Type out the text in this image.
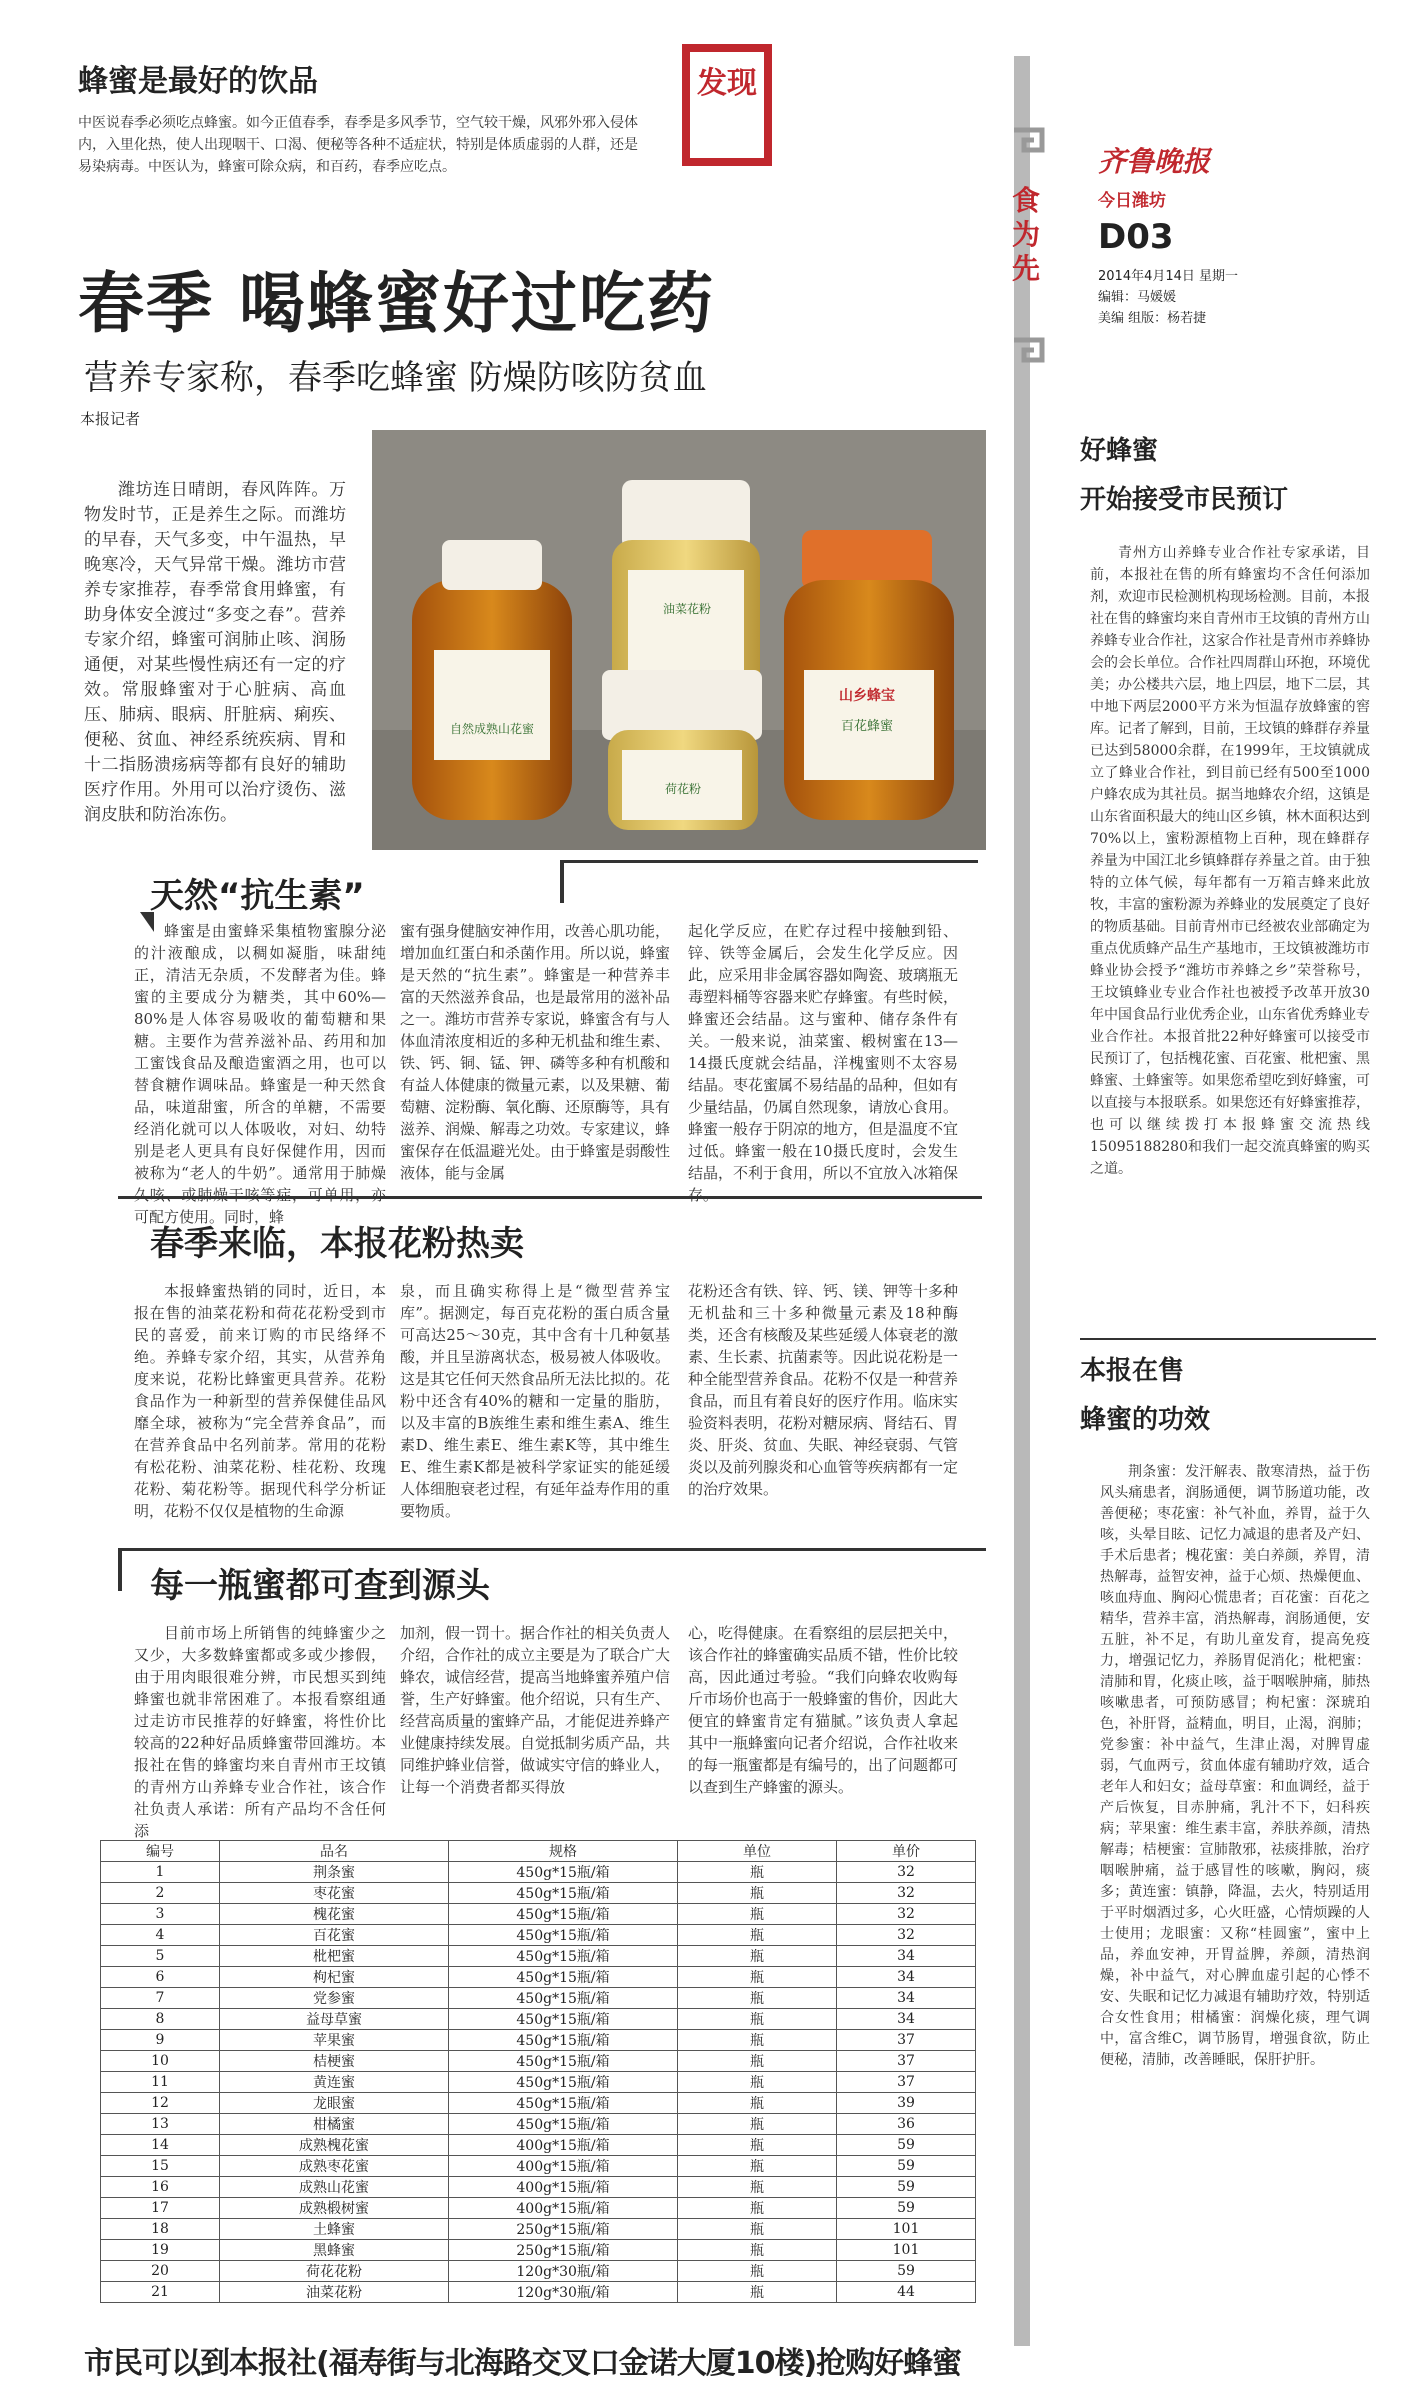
蜂蜜是最好的饮品
中医说春季必须吃点蜂蜜。如今正值春季，春季是多风季节，空气较干燥，风邪外邪入侵体内，入里化热，使人出现咽干、口渴、便秘等各种不适症状，特别是体质虚弱的人群，还是易染病毒。中医认为，蜂蜜可除众病，和百药，春季应吃点。
发现
食为先
齐鲁晚报
今日潍坊
D03
2014年4月14日 星期一
编辑：马媛媛
美编 组版：杨若捷
春季 喝蜂蜜好过吃药
营养专家称，春季吃蜂蜜 防燥防咳防贫血
本报记者
潍坊连日晴朗，春风阵阵。万物发时节，正是养生之际。而潍坊的早春，天气多变，中午温热，早晚寒冷，天气异常干燥。潍坊市营养专家推荐，春季常食用蜂蜜，有助身体安全渡过“多变之春”。营养专家介绍，蜂蜜可润肺止咳、润肠通便，对某些慢性病还有一定的疗效。常服蜂蜜对于心脏病、高血压、肺病、眼病、肝脏病、痢疾、便秘、贫血、神经系统疾病、胃和十二指肠溃疡病等都有良好的辅助医疗作用。外用可以治疗烫伤、滋润皮肤和防治冻伤。
自然成熟山花蜜
油菜花粉
荷花粉
山乡蜂宝
百花蜂蜜
天然“抗生素”
蜂蜜是由蜜蜂采集植物蜜腺分泌的汁液酿成，以稠如凝脂，味甜纯正，清洁无杂质，不发酵者为佳。蜂蜜的主要成分为糖类，其中60%—80%是人体容易吸收的葡萄糖和果糖。主要作为营养滋补品、药用和加工蜜饯食品及酿造蜜酒之用，也可以替食糖作调味品。蜂蜜是一种天然食品，味道甜蜜，所含的单糖，不需要经消化就可以人体吸收，对妇、幼特别是老人更具有良好保健作用，因而被称为“老人的牛奶”。通常用于肺燥久咳、或肺燥干咳等症，可单用，亦可配方使用。同时，蜂
蜜有强身健脑安神作用，改善心肌功能，增加血红蛋白和杀菌作用。所以说，蜂蜜是天然的“抗生素”。蜂蜜是一种营养丰富的天然滋养食品，也是最常用的滋补品之一。潍坊市营养专家说，蜂蜜含有与人体血清浓度相近的多种无机盐和维生素、铁、钙、铜、锰、钾、磷等多种有机酸和有益人体健康的微量元素，以及果糖、葡萄糖、淀粉酶、氧化酶、还原酶等，具有滋养、润燥、解毒之功效。专家建议，蜂蜜保存在低温避光处。由于蜂蜜是弱酸性液体，能与金属
起化学反应，在贮存过程中接触到铅、锌、铁等金属后，会发生化学反应。因此，应采用非金属容器如陶瓷、玻璃瓶无毒塑料桶等容器来贮存蜂蜜。有些时候，蜂蜜还会结晶。这与蜜种、储存条件有关。一般来说，油菜蜜、椴树蜜在13—14摄氏度就会结晶，洋槐蜜则不太容易结晶。枣花蜜属不易结晶的品种，但如有少量结晶，仍属自然现象，请放心食用。蜂蜜一般存于阴凉的地方，但是温度不宜过低。蜂蜜一般在10摄氏度时，会发生结晶，不利于食用，所以不宜放入冰箱保存。
春季来临，本报花粉热卖
本报蜂蜜热销的同时，近日，本报在售的油菜花粉和荷花花粉受到市民的喜爱，前来订购的市民络绎不绝。养蜂专家介绍，其实，从营养角度来说，花粉比蜂蜜更具营养。花粉食品作为一种新型的营养保健佳品风靡全球，被称为“完全营养食品”，而在营养食品中名列前茅。常用的花粉有松花粉、油菜花粉、桂花粉、玫瑰花粉、菊花粉等。据现代科学分析证明，花粉不仅仅是植物的生命源
泉，而且确实称得上是“微型营养宝库”。据测定，每百克花粉的蛋白质含量可高达25～30克，其中含有十几种氨基酸，并且呈游离状态，极易被人体吸收。这是其它任何天然食品所无法比拟的。花粉中还含有40%的糖和一定量的脂肪，以及丰富的B族维生素和维生素A、维生素D、维生素E、维生素K等，其中维生E、维生素K都是被科学家证实的能延缓人体细胞衰老过程，有延年益寿作用的重要物质。
花粉还含有铁、锌、钙、镁、钾等十多种无机盐和三十多种微量元素及18种酶类，还含有核酸及某些延缓人体衰老的激素、生长素、抗菌素等。因此说花粉是一种全能型营养食品。花粉不仅是一种营养食品，而且有着良好的医疗作用。临床实验资料表明，花粉对糖尿病、肾结石、胃炎、肝炎、贫血、失眠、神经衰弱、气管炎以及前列腺炎和心血管等疾病都有一定的治疗效果。
每一瓶蜜都可查到源头
目前市场上所销售的纯蜂蜜少之又少，大多数蜂蜜都或多或少掺假，由于用肉眼很难分辨，市民想买到纯蜂蜜也就非常困难了。本报看察组通过走访市民推荐的好蜂蜜，将性价比较高的22种好品质蜂蜜带回潍坊。本报社在售的蜂蜜均来自青州市王坟镇的青州方山养蜂专业合作社，该合作社负责人承诺：所有产品均不含任何添
加剂，假一罚十。据合作社的相关负责人介绍，合作社的成立主要是为了联合广大蜂农，诚信经营，提高当地蜂蜜养殖户信誉，生产好蜂蜜。他介绍说，只有生产、经营高质量的蜜蜂产品，才能促进养蜂产业健康持续发展。自觉抵制劣质产品，共同维护蜂业信誉，做诚实守信的蜂业人，让每一个消费者都买得放
心，吃得健康。在看察组的层层把关中，该合作社的蜂蜜确实品质不错，性价比较高，因此通过考验。“我们向蜂农收购每斤市场价也高于一般蜂蜜的售价，因此大便宜的蜂蜜肯定有猫腻。”该负责人拿起其中一瓶蜂蜜向记者介绍说，合作社收来的每一瓶蜜都是有编号的，出了问题都可以查到生产蜂蜜的源头。
编号	品名	规格	单位	单价
1	荆条蜜	450g*15瓶/箱	瓶	32
2	枣花蜜	450g*15瓶/箱	瓶	32
3	槐花蜜	450g*15瓶/箱	瓶	32
4	百花蜜	450g*15瓶/箱	瓶	32
5	枇杷蜜	450g*15瓶/箱	瓶	34
6	枸杞蜜	450g*15瓶/箱	瓶	34
7	党参蜜	450g*15瓶/箱	瓶	34
8	益母草蜜	450g*15瓶/箱	瓶	34
9	苹果蜜	450g*15瓶/箱	瓶	37
10	桔梗蜜	450g*15瓶/箱	瓶	37
11	黄连蜜	450g*15瓶/箱	瓶	37
12	龙眼蜜	450g*15瓶/箱	瓶	39
13	柑橘蜜	450g*15瓶/箱	瓶	36
14	成熟槐花蜜	400g*15瓶/箱	瓶	59
15	成熟枣花蜜	400g*15瓶/箱	瓶	59
16	成熟山花蜜	400g*15瓶/箱	瓶	59
17	成熟椴树蜜	400g*15瓶/箱	瓶	59
18	土蜂蜜	250g*15瓶/箱	瓶	101
19	黑蜂蜜	250g*15瓶/箱	瓶	101
20	荷花花粉	120g*30瓶/箱	瓶	59
21	油菜花粉	120g*30瓶/箱	瓶	44
市民可以到本报社(福寿街与北海路交叉口金诺大厦10楼)抢购好蜂蜜
好蜂蜜
开始接受市民预订
青州方山养蜂专业合作社专家承诺，目前，本报社在售的所有蜂蜜均不含任何添加剂，欢迎市民检测机构现场检测。目前，本报社在售的蜂蜜均来自青州市王坟镇的青州方山养蜂专业合作社，这家合作社是青州市养蜂协会的会长单位。合作社四周群山环抱，环境优美；办公楼共六层，地上四层，地下二层，其中地下两层2000平方米为恒温存放蜂蜜的窖库。记者了解到，目前，王坟镇的蜂群存养量已达到58000余群，在1999年，王坟镇就成立了蜂业合作社，到目前已经有500至1000户蜂农成为其社员。据当地蜂农介绍，这镇是山东省面积最大的纯山区乡镇，林木面积达到70%以上，蜜粉源植物上百种，现在蜂群存养量为中国江北乡镇蜂群存养量之首。由于独特的立体气候，每年都有一万箱吉蜂来此放牧，丰富的蜜粉源为养蜂业的发展奠定了良好的物质基础。目前青州市已经被农业部确定为重点优质蜂产品生产基地市，王坟镇被潍坊市蜂业协会授予“潍坊市养蜂之乡”荣誉称号，王坟镇蜂业专业合作社也被授予改革开放30年中国食品行业优秀企业，山东省优秀蜂业专业合作社。本报首批22种好蜂蜜可以接受市民预订了，包括槐花蜜、百花蜜、枇杷蜜、黑蜂蜜、土蜂蜜等。如果您希望吃到好蜂蜜，可以直接与本报联系。如果您还有好蜂蜜推荐，也可以继续拨打本报蜂蜜交流热线15095188280和我们一起交流真蜂蜜的购买之道。
本报在售
蜂蜜的功效
荆条蜜：发汗解表、散寒清热，益于伤风头痛患者，润肠通便，调节肠道功能，改善便秘；枣花蜜：补气补血，养胃，益于久咳，头晕目眩、记忆力减退的患者及产妇、手术后患者；槐花蜜：美白养颜，养胃，清热解毒，益智安神，益于心烦、热燥便血、咳血痔血、胸闷心慌患者；百花蜜：百花之精华，营养丰富，消热解毒，润肠通便，安五脏，补不足，有助儿童发育，提高免疫力，增强记忆力，养肠胃促消化；枇杷蜜：清肺和胃，化痰止咳，益于咽喉肿痛，肺热咳嗽患者，可预防感冒；枸杞蜜：深琥珀色，补肝肾，益精血，明目，止渴，润肺；党参蜜：补中益气，生津止渴，对脾胃虚弱，气血两亏，贫血体虚有辅助疗效，适合老年人和妇女；益母草蜜：和血调经，益于产后恢复，目赤肿痛，乳汁不下，妇科疾病；苹果蜜：维生素丰富，养肤养颜，清热解毒；桔梗蜜：宣肺散邪，祛痰排脓，治疗咽喉肿痛，益于感冒性的咳嗽，胸闷，痰多；黄连蜜：镇静，降温，去火，特别适用于平时烟酒过多，心火旺盛，心情烦躁的人士使用；龙眼蜜：又称“桂圆蜜”，蜜中上品，养血安神，开胃益脾，养颜，清热润燥，补中益气，对心脾血虚引起的心悸不安、失眠和记忆力减退有辅助疗效，特别适合女性食用；柑橘蜜：润燥化痰，理气调中，富含维C，调节肠胃，增强食欲，防止便秘，清肺，改善睡眠，保肝护肝。
